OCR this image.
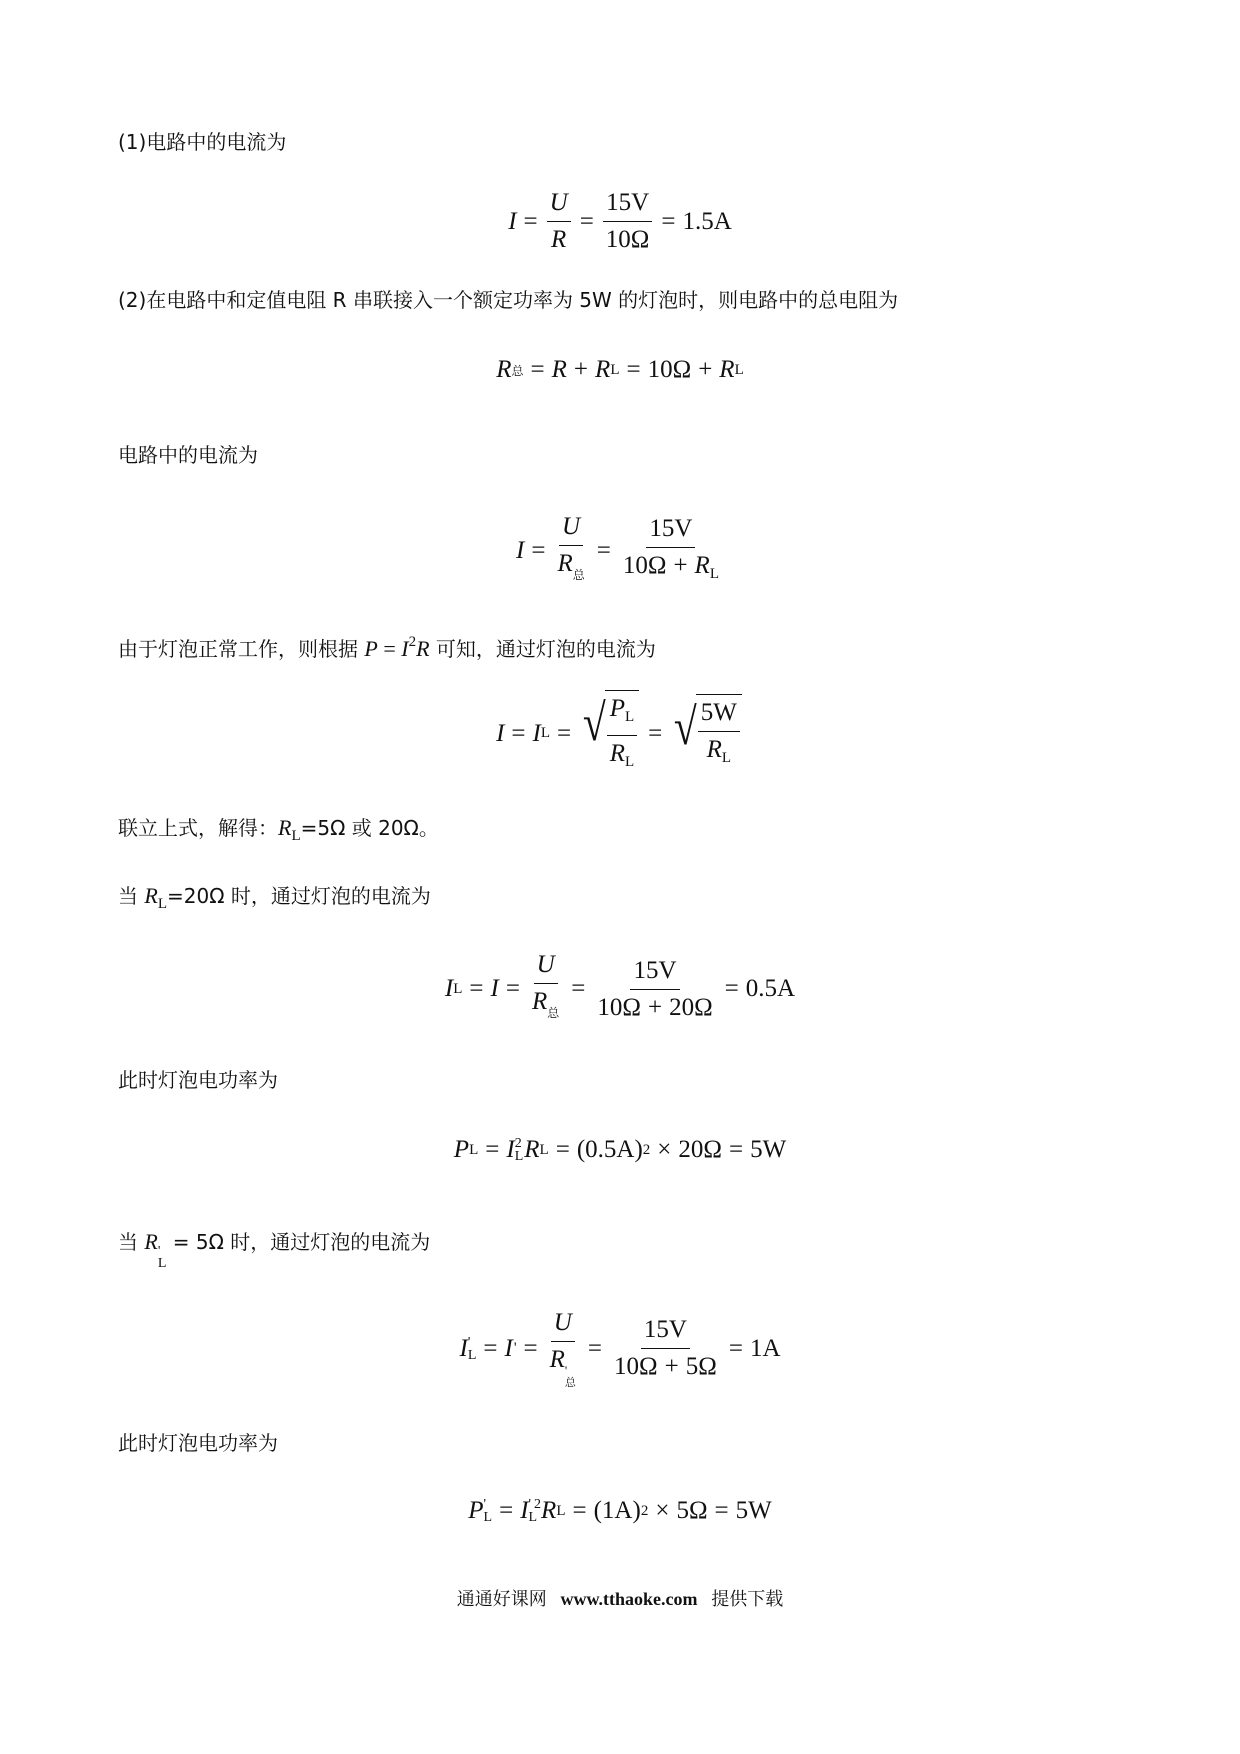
(1)电路中的电流为
$I = \frac{U}{R} = \frac{15V}{10\Omega} = 1.5A$
(2)在电路中和定值电阻 R 串联接入一个额定功率为 5W 的灯泡时，则电路中的总电阻为
R 总 = R + R L = 10Ω + R L
电路中的电流为
$I = \frac{U}{R_总} = \frac{15V}{10\Omega + R_L}$
由于灯泡正常工作，则根据 $P = I^2R$ 可知，通过灯泡的电流为
I = I L = √ $\frac{P_L}{R_L}$ = √ $\frac{5W}{R_L}$
联立上式，解得：$R_L=5\Omega$ 或 20Ω。
当 $R_L=20\Omega$ 时，通过灯泡的电流为
I $L = I = \frac{U}{R_总} = \frac{15V}{10\Omega + 20\Omega} = 0.5A$
此时灯泡电功率为
P L = I 2
L R L = (0.5A) 2 × 20Ω = 5W
当 R '
L
= 5Ω 时，通过灯泡的电流为
I '
L = I ' = U
R '
总 = $\frac{15V}{10\Omega + 5\Omega} = 1A$
此时灯泡电功率为
P '
L = I ' 2
L R L = (1A) 2 × 5Ω = 5W
通通好课网 www.tthaoke.com 提供下载
